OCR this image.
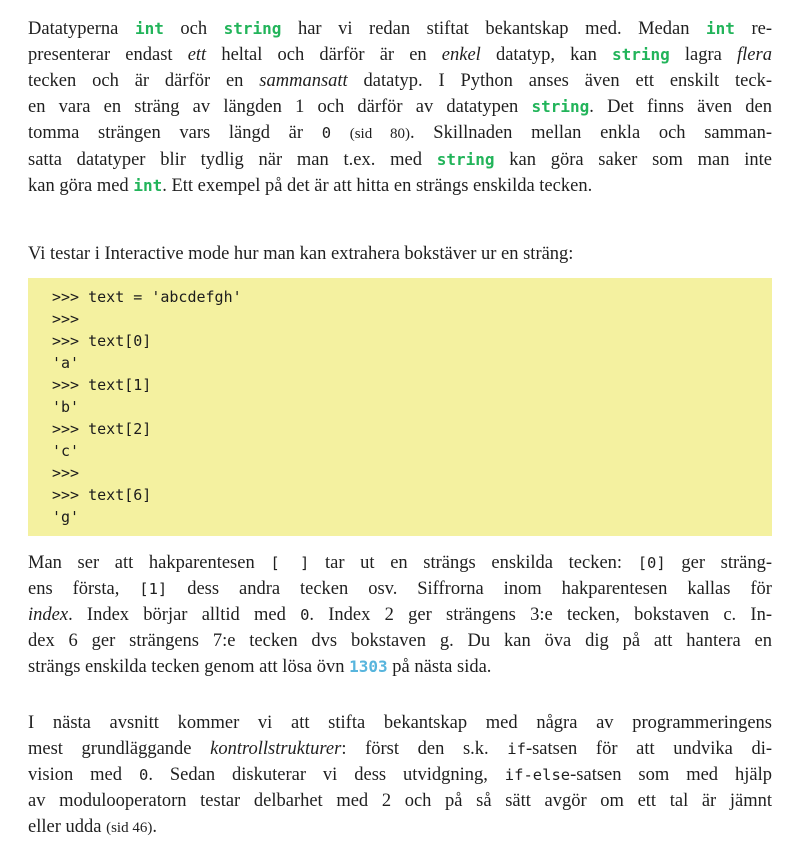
Datatyperna int och string har vi redan stiftat bekantskap med. Medan int re-
presenterar endast ett heltal och därför är en enkel datatyp, kan string lagra flera
tecken och är därför en sammansatt datatyp. I Python anses även ett enskilt teck-
en vara en sträng av längden 1 och därför av datatypen string. Det finns även den
tomma strängen vars längd är 0 (sid 80). Skillnaden mellan enkla och samman-
satta datatyper blir tydlig när man t.ex. med string kan göra saker som man inte
kan göra med int. Ett exempel på det är att hitta en strängs enskilda tecken.
Vi testar i Interactive mode hur man kan extrahera bokstäver ur en sträng:
>>> text = 'abcdefgh'
>>>
>>> text[0]
'a'
>>> text[1]
'b'
>>> text[2]
'c'
>>>
>>> text[6]
'g'
Man ser att hakparentesen [ ] tar ut en strängs enskilda tecken: [0] ger sträng-
ens första, [1] dess andra tecken osv. Siffrorna inom hakparentesen kallas för
index. Index börjar alltid med 0. Index 2 ger strängens 3:e tecken, bokstaven c. In-
dex 6 ger strängens 7:e tecken dvs bokstaven g. Du kan öva dig på att hantera en
strängs enskilda tecken genom att lösa övn 1303 på nästa sida.
I nästa avsnitt kommer vi att stifta bekantskap med några av programmeringens
mest grundläggande kontrollstrukturer: först den s.k. if-satsen för att undvika di-
vision med 0. Sedan diskuterar vi dess utvidgning, if-else-satsen som med hjälp
av modulooperatorn testar delbarhet med 2 och på så sätt avgör om ett tal är jämnt
eller udda (sid 46).
